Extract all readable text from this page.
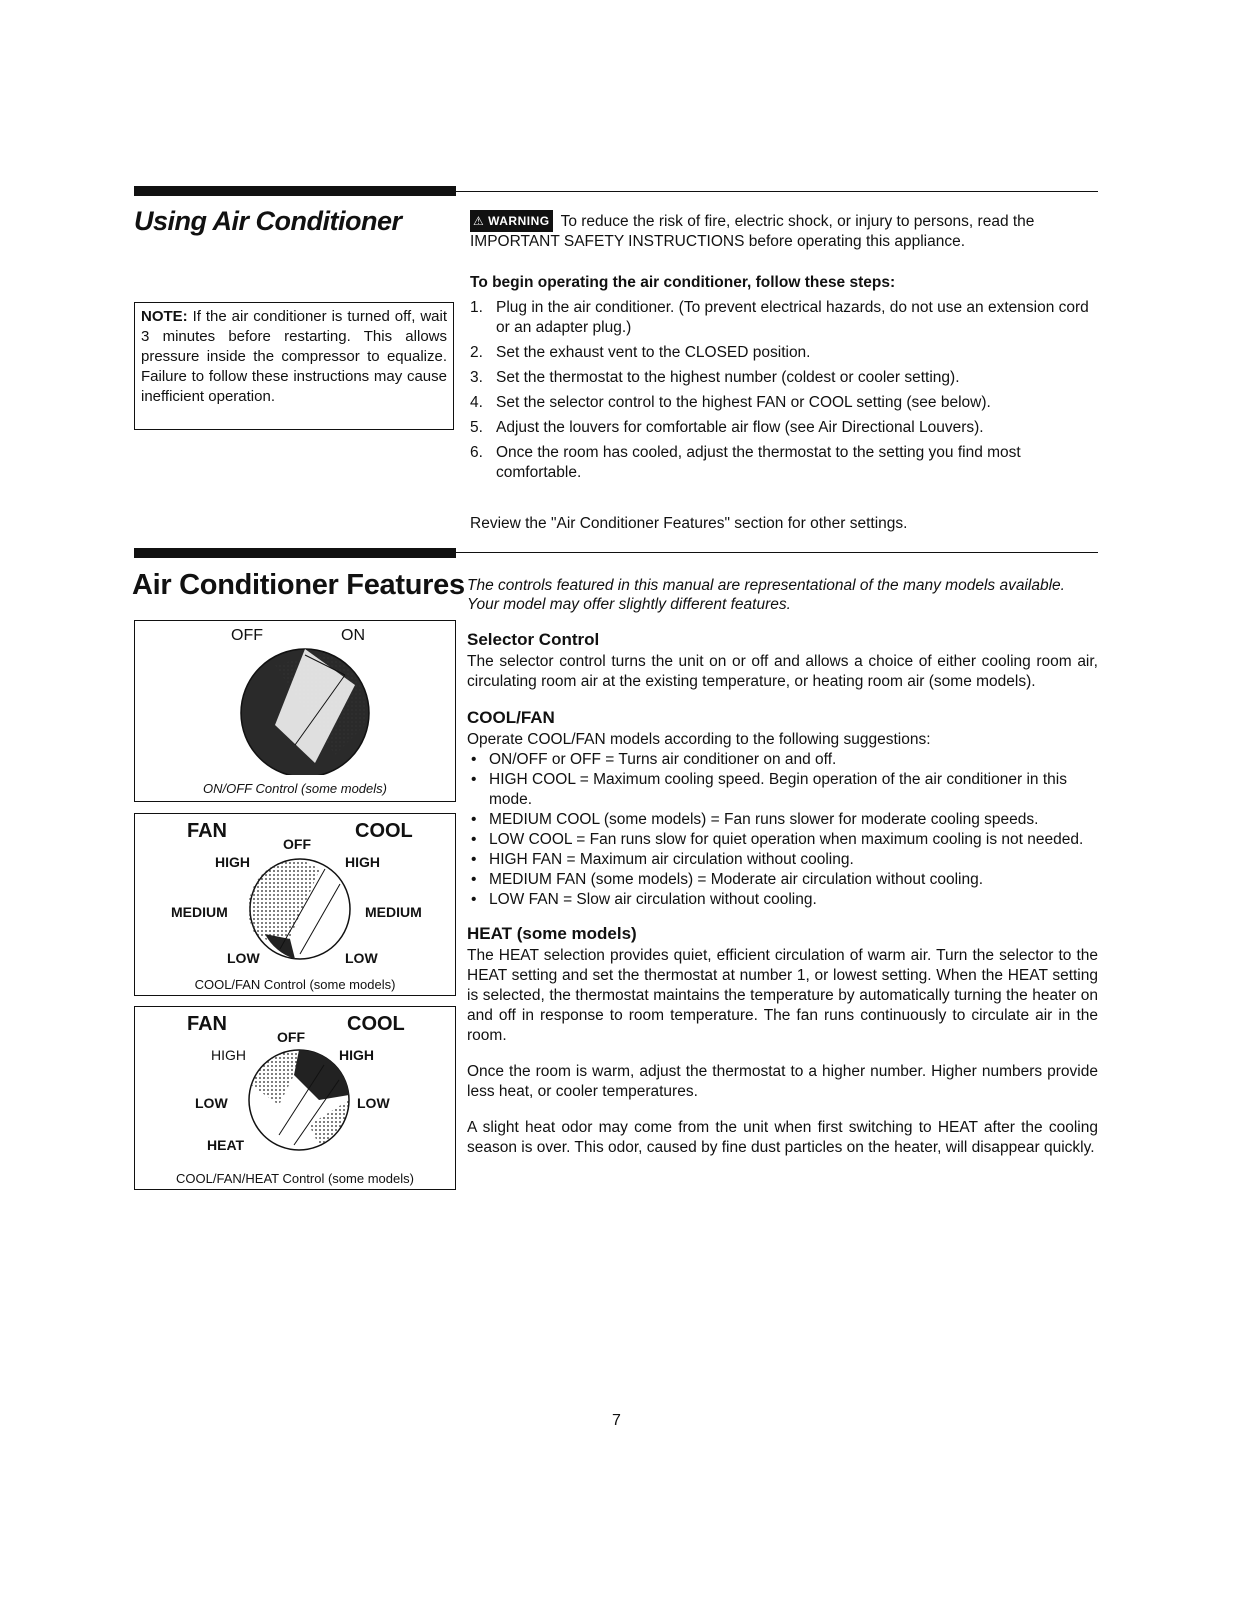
Using Air Conditioner
NOTE: If the air conditioner is turned off, wait 3 minutes before restarting. This allows pressure inside the compressor to equalize. Failure to follow these instructions may cause inefficient operation.
⚠ WARNING To reduce the risk of fire, electric shock, or injury to persons, read the IMPORTANT SAFETY INSTRUCTIONS before operating this appliance.
To begin operating the air conditioner, follow these steps:
1. Plug in the air conditioner. (To prevent electrical hazards, do not use an extension cord or an adapter plug.)
2. Set the exhaust vent to the CLOSED position.
3. Set the thermostat to the highest number (coldest or cooler setting).
4. Set the selector control to the highest FAN or COOL setting (see below).
5. Adjust the louvers for comfortable air flow (see Air Directional Louvers).
6. Once the room has cooled, adjust the thermostat to the setting you find most comfortable.
Review the "Air Conditioner Features" section for other settings.
Air Conditioner Features The controls featured in this manual are representational of the many models available. Your model may offer slightly different features.
Selector Control

The selector control turns the unit on or off and allows a choice of either cooling room air, circulating room air at the existing temperature, or heating room air (some models).

COOL/FAN

Operate COOL/FAN models according to the following suggestions:

• ON/OFF or OFF = Turns air conditioner on and off.
• HIGH COOL = Maximum cooling speed. Begin operation of the air conditioner in this mode.
• MEDIUM COOL (some models) = Fan runs slower for moderate cooling speeds.
• LOW COOL = Fan runs slow for quiet operation when maximum cooling is not needed.
• HIGH FAN = Maximum air circulation without cooling.
• MEDIUM FAN (some models) = Moderate air circulation without cooling.
• LOW FAN = Slow air circulation without cooling.
HEAT (some models)

The HEAT selection provides quiet, efficient circulation of warm air. Turn the selector to the HEAT setting and set the thermostat at number 1, or lowest setting. When the HEAT setting is selected, the thermostat maintains the temperature by automatically turning the heater on and off in response to room temperature. The fan runs continuously to circulate air in the room.

Once the room is warm, adjust the thermostat to a higher number. Higher numbers provide less heat, or cooler temperatures.

A slight heat odor may come from the unit when first switching to HEAT after the cooling season is over. This odor, caused by fine dust particles on the heater, will disappear quickly.

OFF	ON
ON/OFF Control (some models)
FAN	COOL
OFF
HIGH	HIGH
MEDIUM	MEDIUM
LOW	LOW
COOL/FAN Control (some models)
FAN	COOL
OFF
HIGH	HIGH
LOW	LOW
HEAT
COOL/FAN/HEAT Control (some models)
7
